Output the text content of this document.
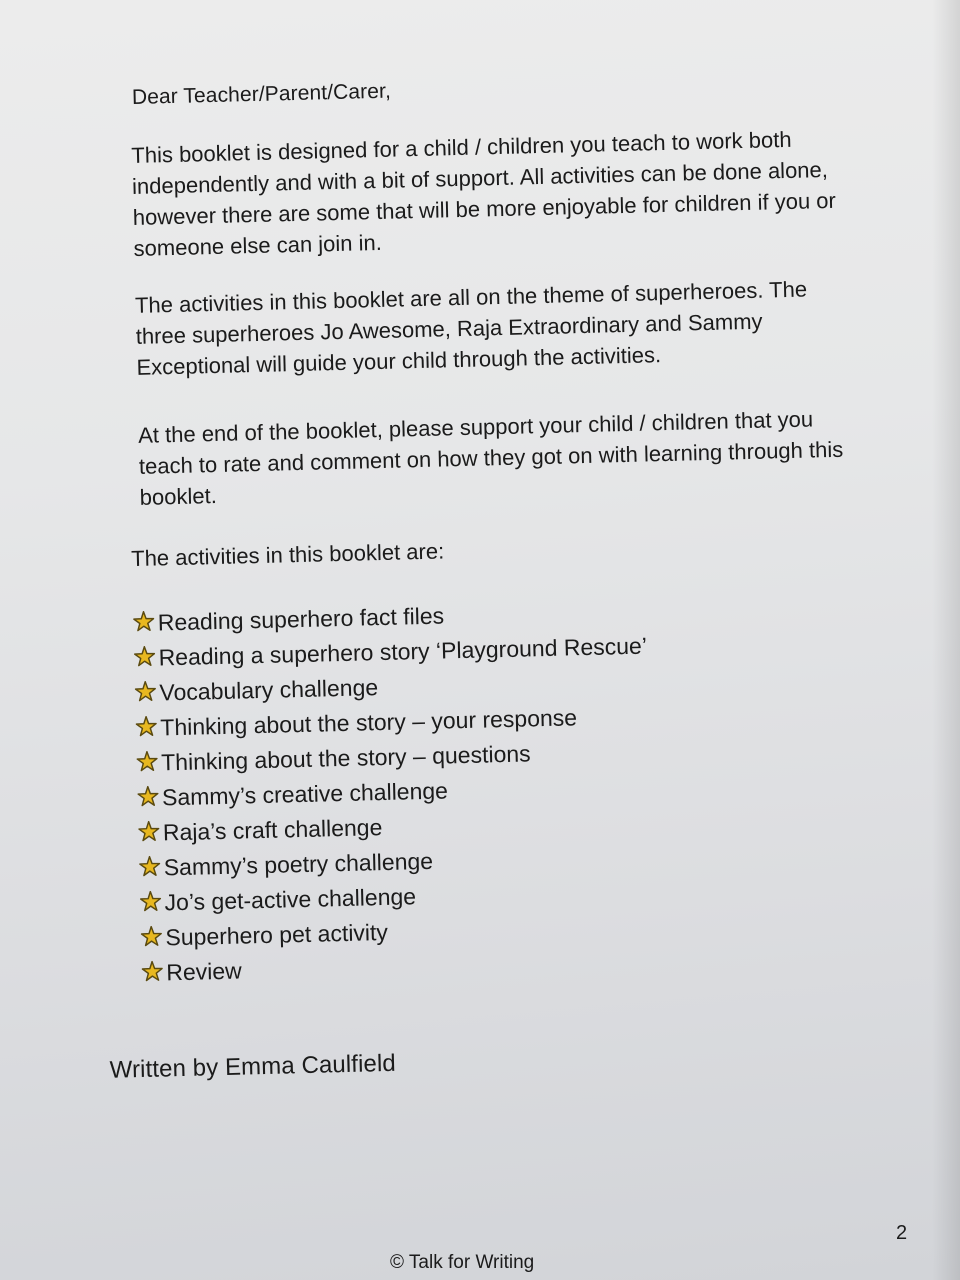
Dear Teacher/Parent/Carer,

This booklet is designed for a child / children you teach to work both independently and with a bit of support. All activities can be done alone, however there are some that will be more enjoyable for children if you or someone else can join in.

The activities in this booklet are all on the theme of superheroes. The three superheroes Jo Awesome, Raja Extraordinary and Sammy Exceptional will guide your child through the activities.

At the end of the booklet, please support your child / children that you teach to rate and comment on how they got on with learning through this booklet.

The activities in this booklet are:
Reading superhero fact files
Reading a superhero story ‘Playground Rescue’
Vocabulary challenge
Thinking about the story – your response
Thinking about the story – questions
Sammy’s creative challenge
Raja’s craft challenge
Sammy’s poetry challenge
Jo’s get-active challenge
Superhero pet activity
Review
Written by Emma Caulfield
2
© Talk for Writing
